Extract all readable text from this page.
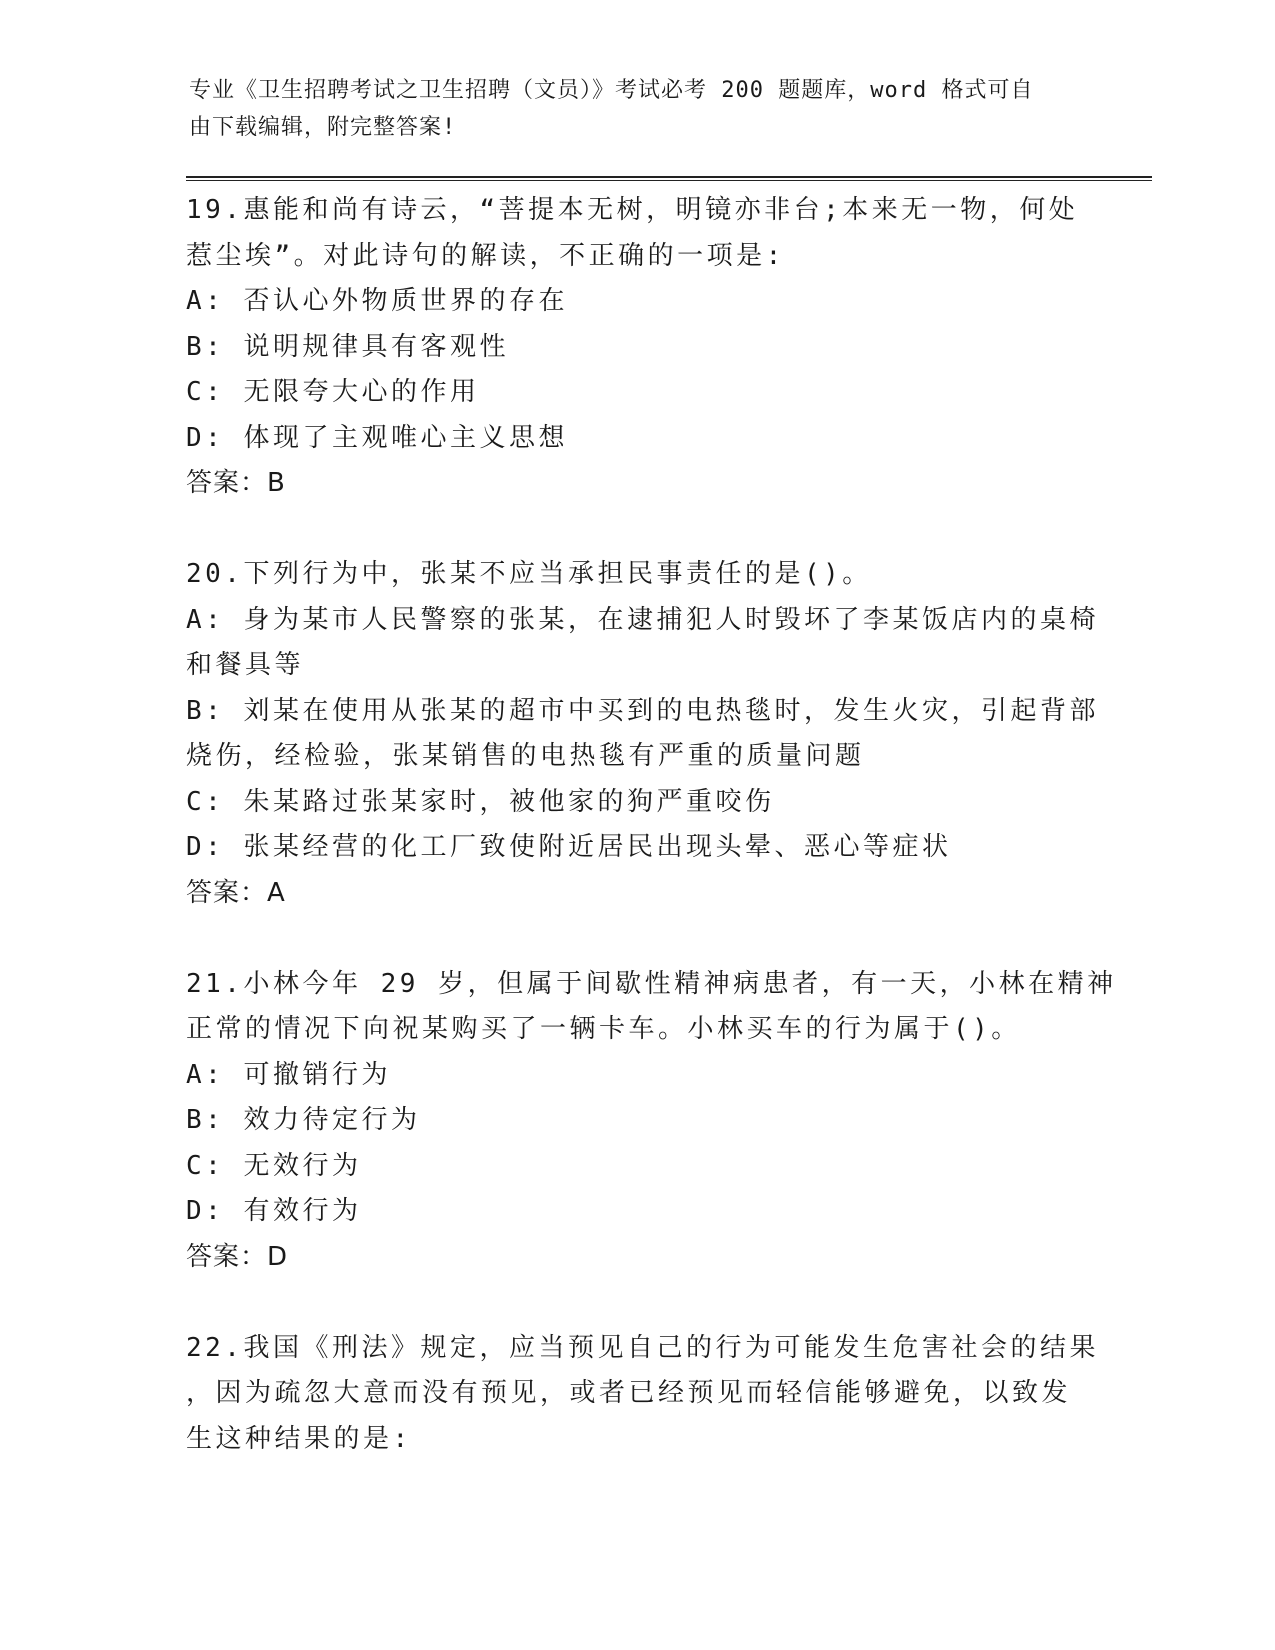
专业《卫生招聘考试之卫生招聘（文员）》考试必考 200 题题库，word 格式可自
由下载编辑，附完整答案!
19.惠能和尚有诗云，“菩提本无树，明镜亦非台;本来无一物，何处
惹尘埃”。对此诗句的解读，不正确的一项是:
A: 否认心外物质世界的存在
B: 说明规律具有客观性
C: 无限夸大心的作用
D: 体现了主观唯心主义思想
答案：B
20.下列行为中，张某不应当承担民事责任的是()。
A: 身为某市人民警察的张某，在逮捕犯人时毁坏了李某饭店内的桌椅
和餐具等
B: 刘某在使用从张某的超市中买到的电热毯时，发生火灾，引起背部
烧伤，经检验，张某销售的电热毯有严重的质量问题
C: 朱某路过张某家时，被他家的狗严重咬伤
D: 张某经营的化工厂致使附近居民出现头晕、恶心等症状
答案：A
21.小林今年 29 岁，但属于间歇性精神病患者，有一天，小林在精神
正常的情况下向祝某购买了一辆卡车。小林买车的行为属于()。
A: 可撤销行为
B: 效力待定行为
C: 无效行为
D: 有效行为
答案：D
22.我国《刑法》规定，应当预见自己的行为可能发生危害社会的结果
，因为疏忽大意而没有预见，或者已经预见而轻信能够避免，以致发
生这种结果的是:
